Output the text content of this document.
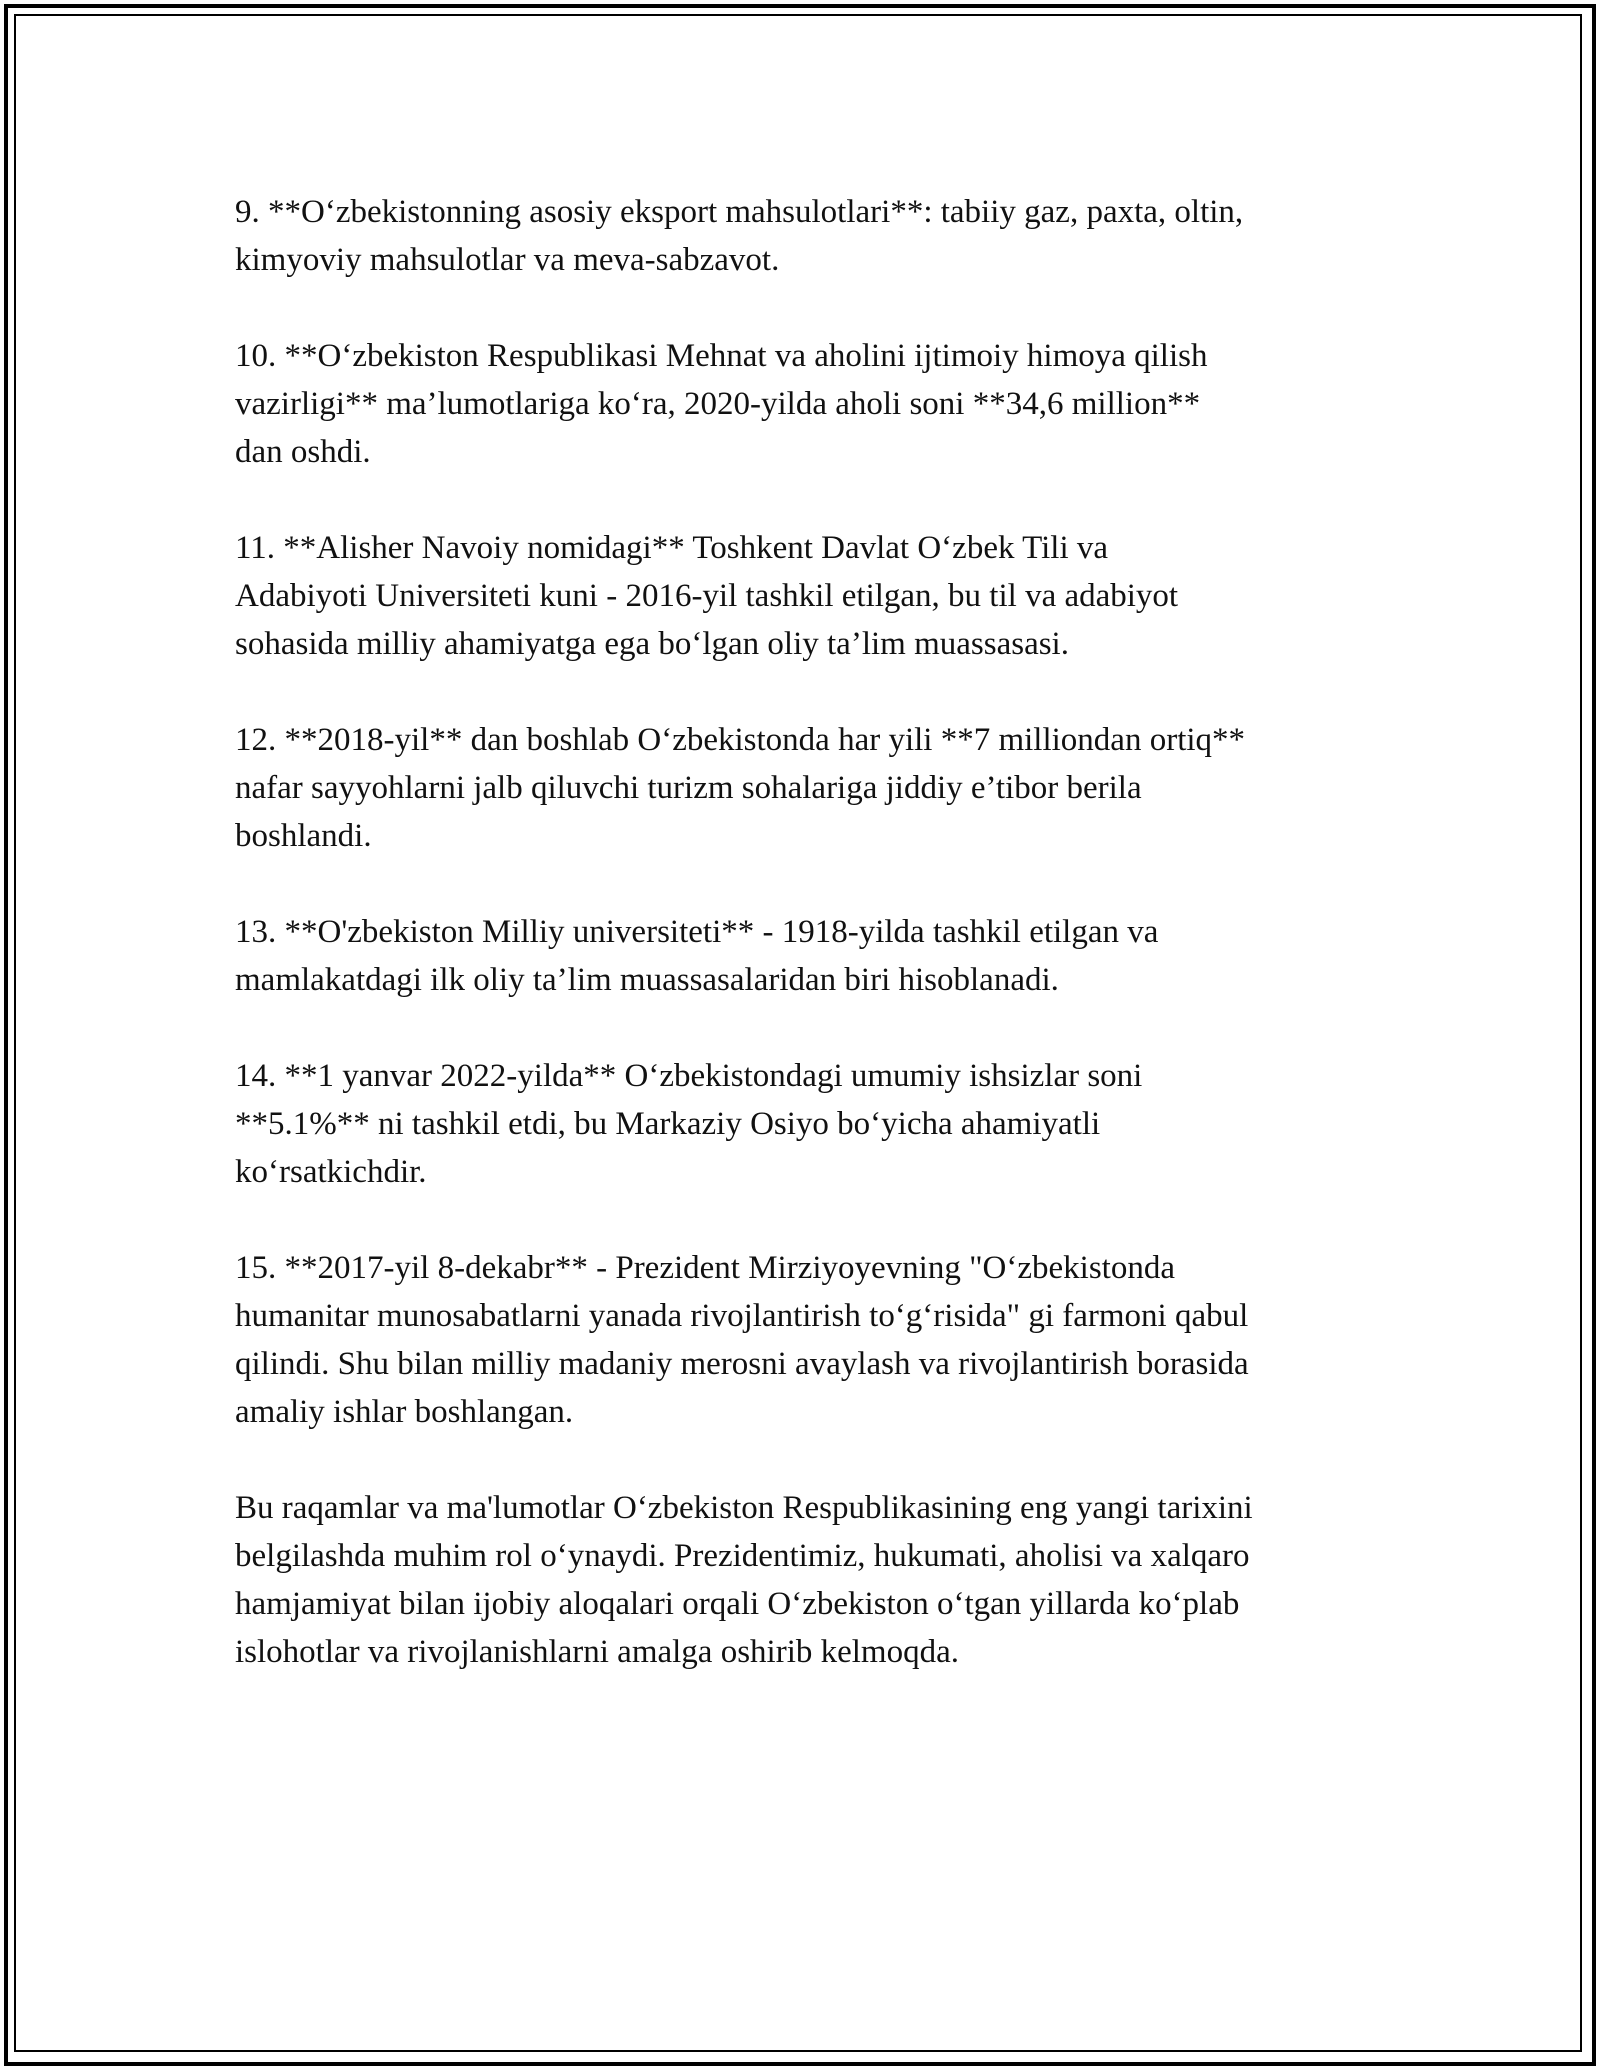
9. **O‘zbekistonning asosiy eksport mahsulotlari**: tabiiy gaz, paxta, oltin,
kimyoviy mahsulotlar va meva-sabzavot.

10. **O‘zbekiston Respublikasi Mehnat va aholini ijtimoiy himoya qilish
vazirligi** ma’lumotlariga ko‘ra, 2020-yilda aholi soni **34,6 million**
dan oshdi.

11. **Alisher Navoiy nomidagi** Toshkent Davlat O‘zbek Tili va
Adabiyoti Universiteti kuni - 2016-yil tashkil etilgan, bu til va adabiyot
sohasida milliy ahamiyatga ega bo‘lgan oliy ta’lim muassasasi.

12. **2018-yil** dan boshlab O‘zbekistonda har yili **7 milliondan ortiq**
nafar sayyohlarni jalb qiluvchi turizm sohalariga jiddiy e’tibor berila
boshlandi.

13. **O'zbekiston Milliy universiteti** - 1918-yilda tashkil etilgan va
mamlakatdagi ilk oliy ta’lim muassasalaridan biri hisoblanadi.

14. **1 yanvar 2022-yilda** O‘zbekistondagi umumiy ishsizlar soni
**5.1%** ni tashkil etdi, bu Markaziy Osiyo bo‘yicha ahamiyatli
ko‘rsatkichdir.

15. **2017-yil 8-dekabr** - Prezident Mirziyoyevning "O‘zbekistonda
humanitar munosabatlarni yanada rivojlantirish to‘g‘risida" gi farmoni qabul
qilindi. Shu bilan milliy madaniy merosni avaylash va rivojlantirish borasida
amaliy ishlar boshlangan.

Bu raqamlar va ma'lumotlar O‘zbekiston Respublikasining eng yangi tarixini
belgilashda muhim rol o‘ynaydi. Prezidentimiz, hukumati, aholisi va xalqaro
hamjamiyat bilan ijobiy aloqalari orqali O‘zbekiston o‘tgan yillarda ko‘plab
islohotlar va rivojlanishlarni amalga oshirib kelmoqda.
